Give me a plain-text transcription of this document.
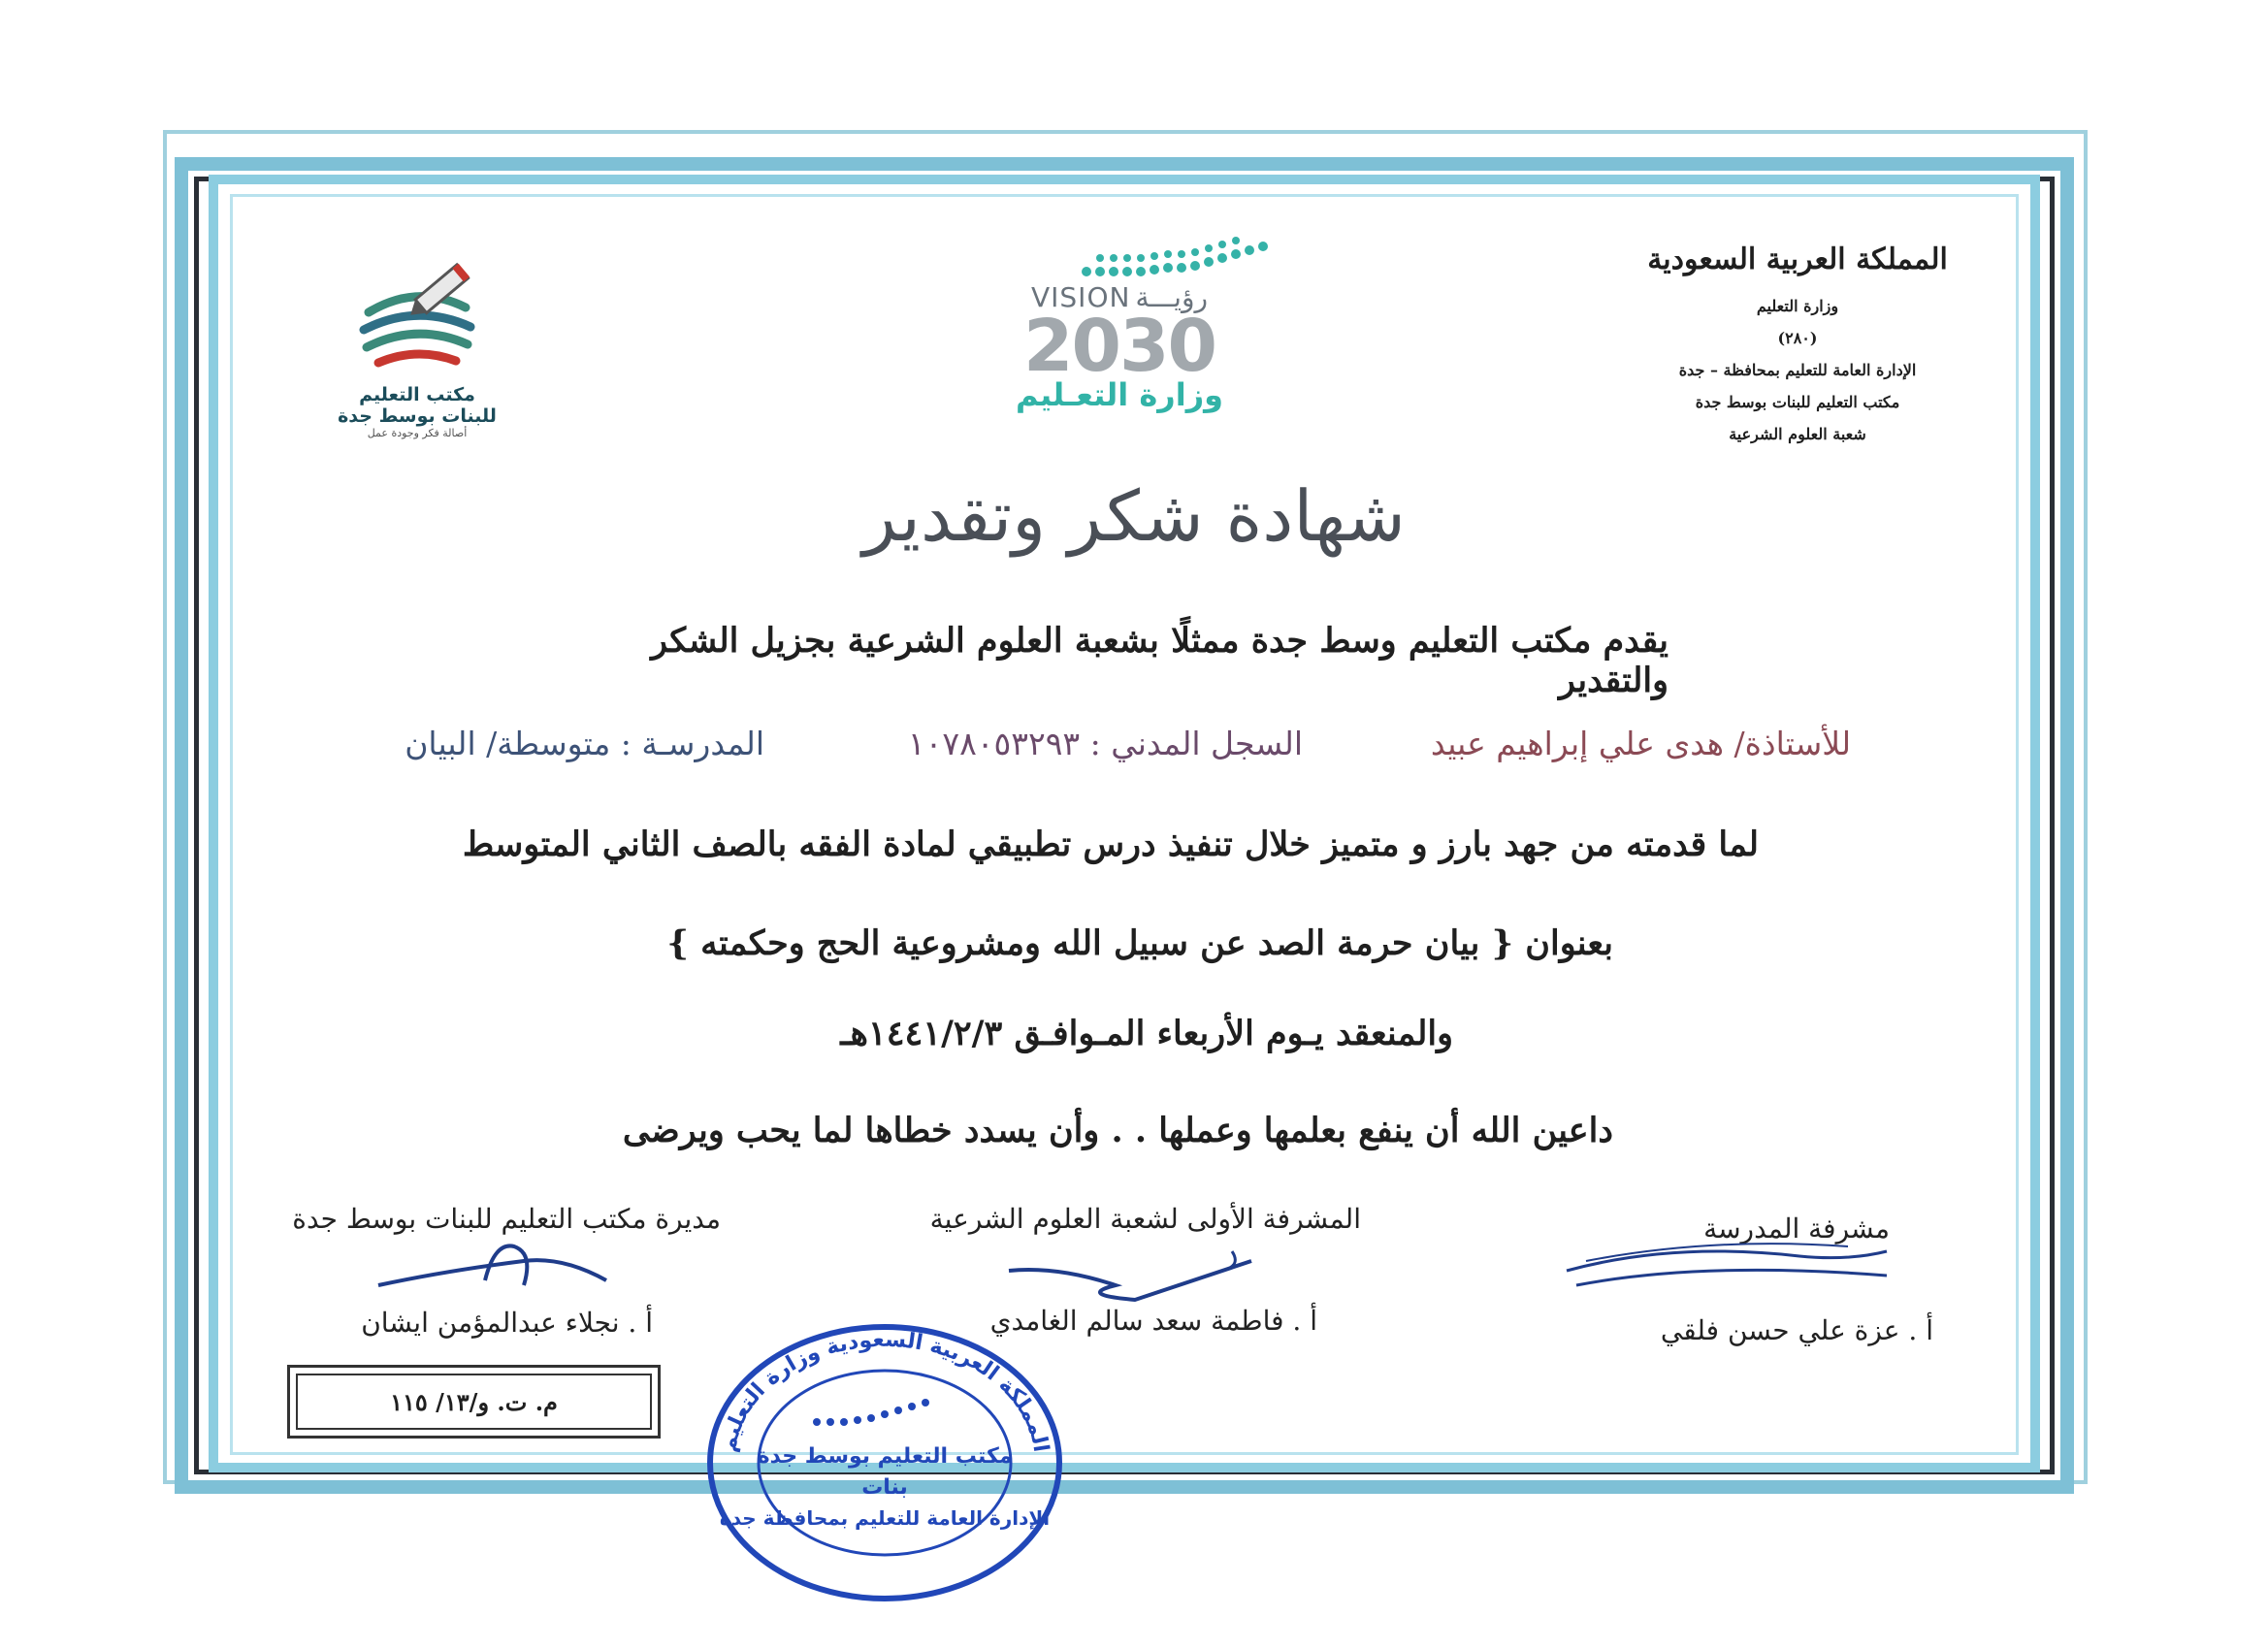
المملكة العربية السعودية
وزارة التعليم
(٢٨٠)
الإدارة العامة للتعليم بمحافظة – جدة
مكتب التعليم للبنات بوسط جدة
شعبة العلوم الشرعية
VISION رؤيـــة
2030
وزارة التعـليم
مكتب التعليم
للبنات بوسط جدة
أصالة فكر وجودة عمل
شهادة شكر وتقدير
يقدم مكتب التعليم وسط جدة ممثلًا بشعبة العلوم الشرعية بجزيل الشكر والتقدير
للأستاذة/ هدى علي إبراهيم عبيد
السجل المدني : ١٠٧٨٠٥٣٢٩٣
المدرسـة : متوسطة/ البيان
لما قدمته من جهد بارز و متميز خلال تنفيذ درس تطبيقي لمادة الفقه بالصف الثاني المتوسط
بعنوان { بيان حرمة الصد عن سبيل الله ومشروعية الحج وحكمته }
والمنعقد يـوم الأربعاء المـوافـق ١٤٤١/٢/٣هـ
داعين الله أن ينفع بعلمها وعملها . . وأن يسدد خطاها لما يحب ويرضى
مديرة مكتب التعليم للبنات بوسط جدة
أ . نجلاء عبدالمؤمن ايشان
المشرفة الأولى لشعبة العلوم الشرعية
أ . فاطمة سعد سالم الغامدي
مشرفة المدرسة
أ . عزة علي حسن فلقي
م. ت. و/١٣/ ١١٥
المملكة العربية السعودية وزارة التعليم
مكتب التعليم بوسط جدة
بنات
الإدارة العامة للتعليم بمحافظة جدة
